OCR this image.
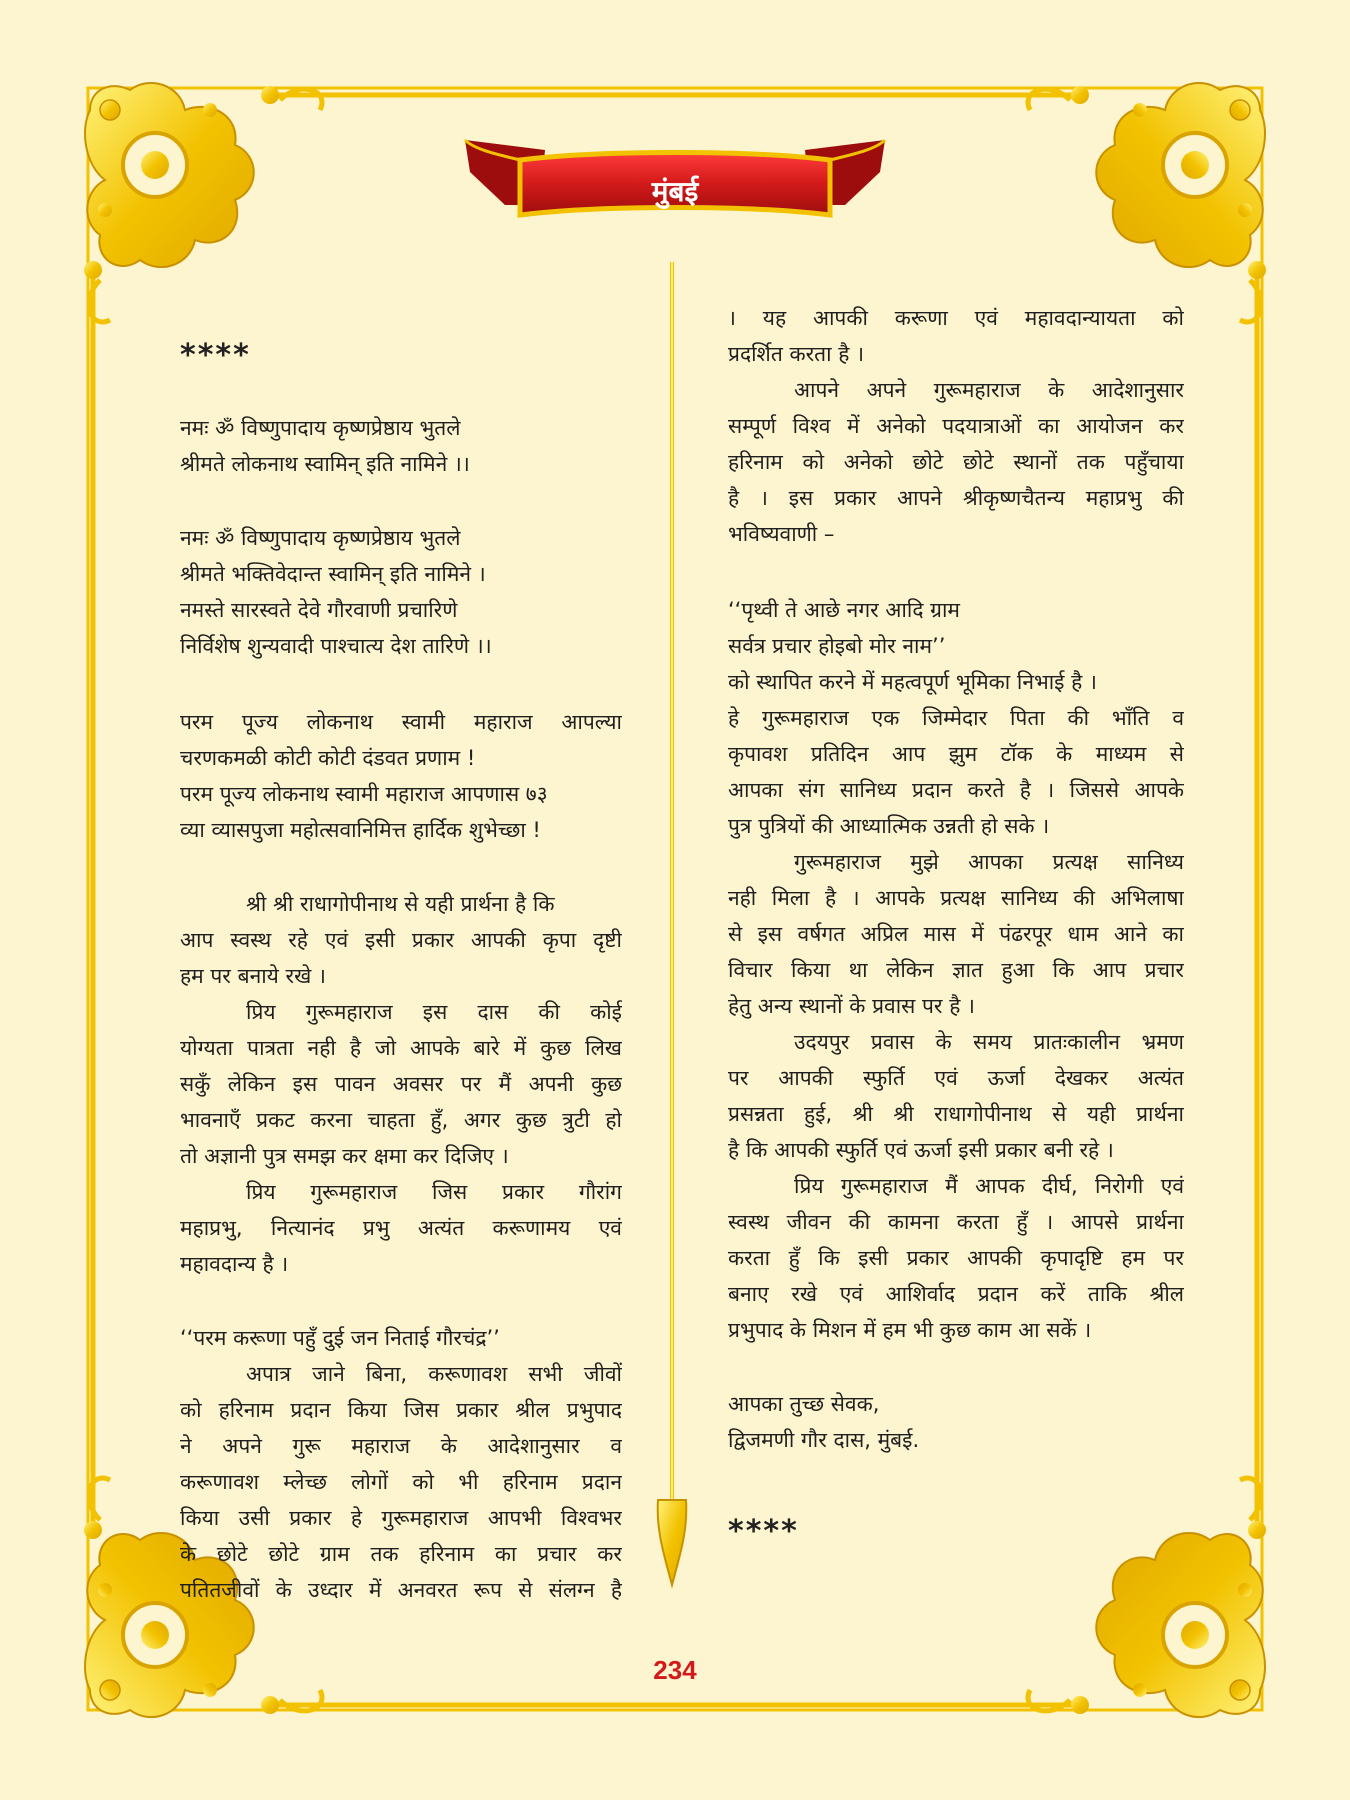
मुंबई
****
नमः ॐ विष्णुपादाय कृष्णप्रेष्ठाय भुतले
श्रीमते लोकनाथ स्वामिन् इति नामिने ।।
नमः ॐ विष्णुपादाय कृष्णप्रेष्ठाय भुतले
श्रीमते भक्तिवेदान्त स्वामिन् इति नामिने ।
नमस्ते सारस्वते देवे गौरवाणी प्रचारिणे
निर्विशेष शुन्यवादी पाश्चात्य देश तारिणे ।।
परम पूज्य लोकनाथ स्वामी महाराज आपल्या
चरणकमळी कोटी कोटी दंडवत प्रणाम !
परम पूज्य लोकनाथ स्वामी महाराज आपणास ७३
व्या व्यासपुजा महोत्सवानिमित्त हार्दिक शुभेच्छा !
श्री श्री राधागोपीनाथ से यही प्रार्थना है कि
आप स्वस्थ रहे एवं इसी प्रकार आपकी कृपा दृष्टी
हम पर बनाये रखे ।
प्रिय गुरूमहाराज इस दास की कोई
योग्यता पात्रता नही है जो आपके बारे में कुछ लिख
सकुँ लेकिन इस पावन अवसर पर मैं अपनी कुछ
भावनाएँ प्रकट करना चाहता हुँ, अगर कुछ त्रुटी हो
तो अज्ञानी पुत्र समझ कर क्षमा कर दिजिए ।
प्रिय गुरूमहाराज जिस प्रकार गौरांग
महाप्रभु, नित्यानंद प्रभु अत्यंत करूणामय एवं
महावदान्य है ।
‘‘परम करूणा पहुँ दुई जन निताई गौरचंद्र’’
अपात्र जाने बिना, करूणावश सभी जीवों
को हरिनाम प्रदान किया जिस प्रकार श्रील प्रभुपाद
ने अपने गुरू महाराज के आदेशानुसार व
करूणावश म्लेच्छ लोगों को भी हरिनाम प्रदान
किया उसी प्रकार हे गुरूमहाराज आपभी विश्वभर
के छोटे छोटे ग्राम तक हरिनाम का प्रचार कर
पतितजीवों के उध्दार में अनवरत रूप से संलग्न है
। यह आपकी करूणा एवं महावदान्यायता को
प्रदर्शित करता है ।
आपने अपने गुरूमहाराज के आदेशानुसार
सम्पूर्ण विश्व में अनेको पदयात्राओं का आयोजन कर
हरिनाम को अनेको छोटे छोटे स्थानों तक पहुँचाया
है । इस प्रकार आपने श्रीकृष्णचैतन्य महाप्रभु की
भविष्यवाणी –
‘‘पृथ्वी ते आछे नगर आदि ग्राम
सर्वत्र प्रचार होइबो मोर नाम’’
को स्थापित करने में महत्वपूर्ण भूमिका निभाई है ।
हे गुरूमहाराज एक जिम्मेदार पिता की भाँति व
कृपावश प्रतिदिन आप झुम टॉक के माध्यम से
आपका संग सानिध्य प्रदान करते है । जिससे आपके
पुत्र पुत्रियों की आध्यात्मिक उन्नती हो सके ।
गुरूमहाराज मुझे आपका प्रत्यक्ष सानिध्य
नही मिला है । आपके प्रत्यक्ष सानिध्य की अभिलाषा
से इस वर्षगत अप्रिल मास में पंढरपूर धाम आने का
विचार किया था लेकिन ज्ञात हुआ कि आप प्रचार
हेतु अन्य स्थानों के प्रवास पर है ।
उदयपुर प्रवास के समय प्रातःकालीन भ्रमण
पर आपकी स्फुर्ति एवं ऊर्जा देखकर अत्यंत
प्रसन्नता हुई, श्री श्री राधागोपीनाथ से यही प्रार्थना
है कि आपकी स्फुर्ति एवं ऊर्जा इसी प्रकार बनी रहे ।
प्रिय गुरूमहाराज मैं आपक दीर्घ, निरोगी एवं
स्वस्थ जीवन की कामना करता हुँ । आपसे प्रार्थना
करता हुँ कि इसी प्रकार आपकी कृपादृष्टि हम पर
बनाए रखे एवं आशिर्वाद प्रदान करें ताकि श्रील
प्रभुपाद के मिशन में हम भी कुछ काम आ सकें ।
आपका तुच्छ सेवक,
द्विजमणी गौर दास, मुंबई.
****
234
